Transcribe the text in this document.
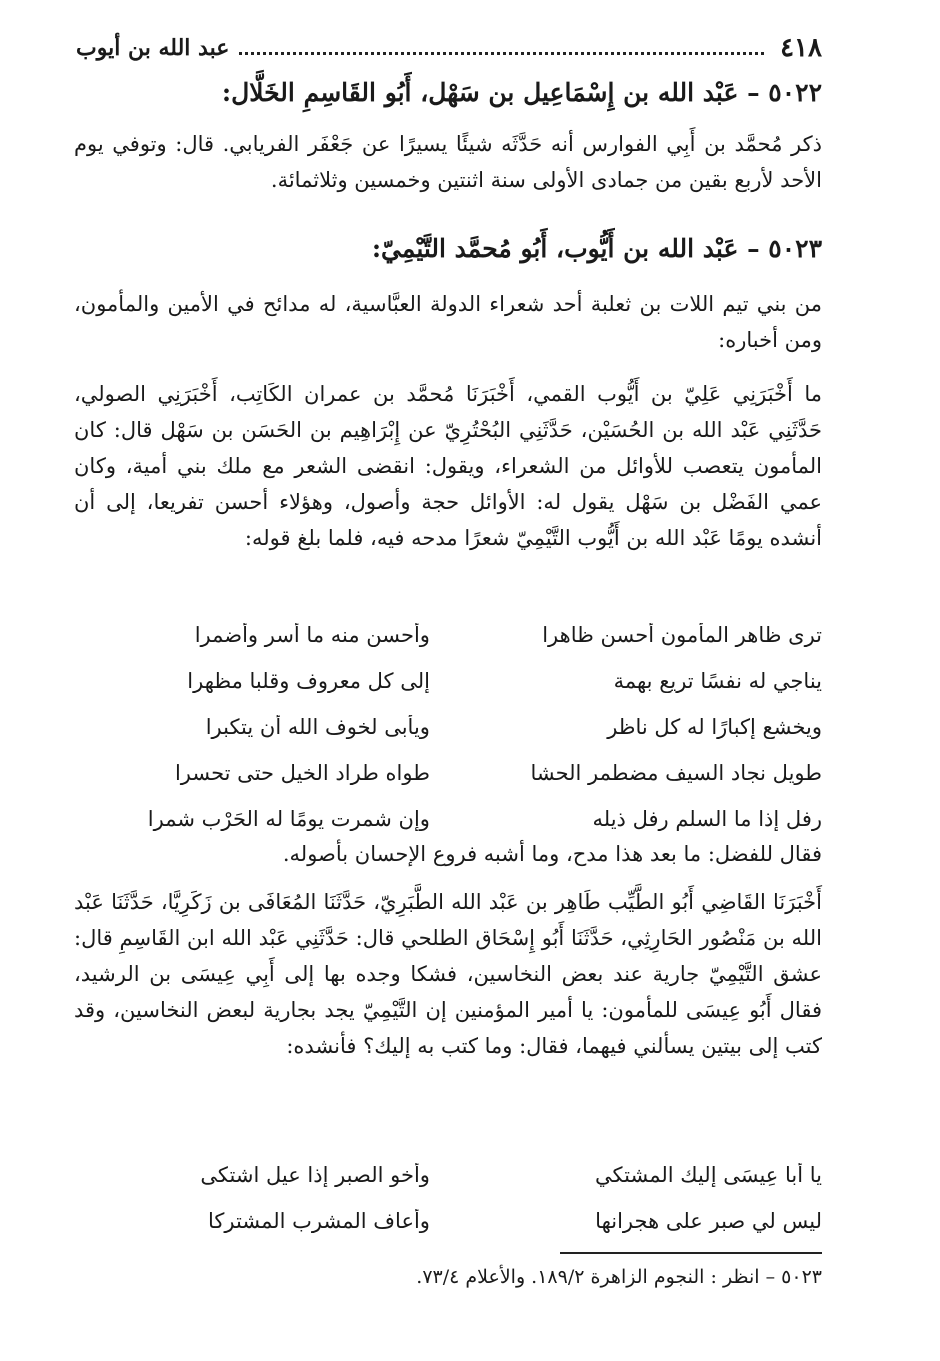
٤١٨
عبد الله بن أيوب
٥٠٢٢ – عَبْد الله بن إِسْمَاعِيل بن سَهْل، أَبُو القَاسِمِ الخَلَّال:
ذكر مُحمَّد بن أَبِي الفوارس أنه حَدَّثَه شيئًا يسيرًا عن جَعْفَر الفريابي. قال: وتوفي يوم الأحد لأربع بقين من جمادى الأولى سنة اثنتين وخمسين وثلاثمائة.
٥٠٢٣ – عَبْد الله بن أَيُّوب، أَبُو مُحمَّد التَّيْمِيّ:
من بني تيم اللات بن ثعلبة أحد شعراء الدولة العبَّاسية، له مدائح في الأمين والمأمون، ومن أخباره:
ما أَخْبَرَنِي عَلِيّ بن أَيُّوب القمي، أَخْبَرَنَا مُحمَّد بن عمران الكَاتِب، أَخْبَرَنِي الصولي، حَدَّثَنِي عَبْد الله بن الحُسَيْن، حَدَّثَنِي البُحْتُرِيّ عن إِبْرَاهِيم بن الحَسَن بن سَهْل قال: كان المأمون يتعصب للأوائل من الشعراء، ويقول: انقضى الشعر مع ملك بني أمية، وكان عمي الفَضْل بن سَهْل يقول له: الأوائل حجة وأصول، وهؤلاء أحسن تفريعا، إلى أن أنشده يومًا عَبْد الله بن أَيُّوب التَّيْمِيّ شعرًا مدحه فيه، فلما بلغ قوله:
ترى ظاهر المأمون أحسن ظاهرا
وأحسن منه ما أسر وأضمرا
يناجي له نفسًا تريع بهمة
إلى كل معروف وقلبا مظهرا
ويخشع إكبارًا له كل ناظرٍ
ويأبى لخوف الله أن يتكبرا
طويل نجاد السيف مضطمر الحشا
طواه طراد الخيل حتى تحسرا
رفل إذا ما السلم رفل ذيله
وإن شمرت يومًا له الحَرْب شمرا
فقال للفضل: ما بعد هذا مدح، وما أشبه فروع الإحسان بأصوله.
أَخْبَرَنَا القَاضِي أَبُو الطَّيِّب طَاهِر بن عَبْد الله الطَّبَرِيّ، حَدَّثَنَا المُعَافَى بن زَكَرِيَّا، حَدَّثَنَا عَبْد الله بن مَنْصُور الحَارِثِي، حَدَّثَنَا أَبُو إِسْحَاق الطلحي قال: حَدَّثَنِي عَبْد الله ابن القَاسِمِ قال: عشق التَّيْمِيّ جارية عند بعض النخاسين، فشكا وجده بها إلى أَبِي عِيسَى بن الرشيد، فقال أَبُو عِيسَى للمأمون: يا أمير المؤمنين إن التَّيْمِيّ يجد بجارية لبعض النخاسين، وقد كتب إلى بيتين يسألني فيهما، فقال: وما كتب به إليك؟ فأنشده:
يا أبا عِيسَى إليك المشتكي
وأخو الصبر إذا عيل اشتكى
ليس لي صبر على هجرانها
وأعاف المشرب المشتركا
٥٠٢٣ – انظر : النجوم الزاهرة ١٨٩/٢. والأعلام ٧٣/٤.
